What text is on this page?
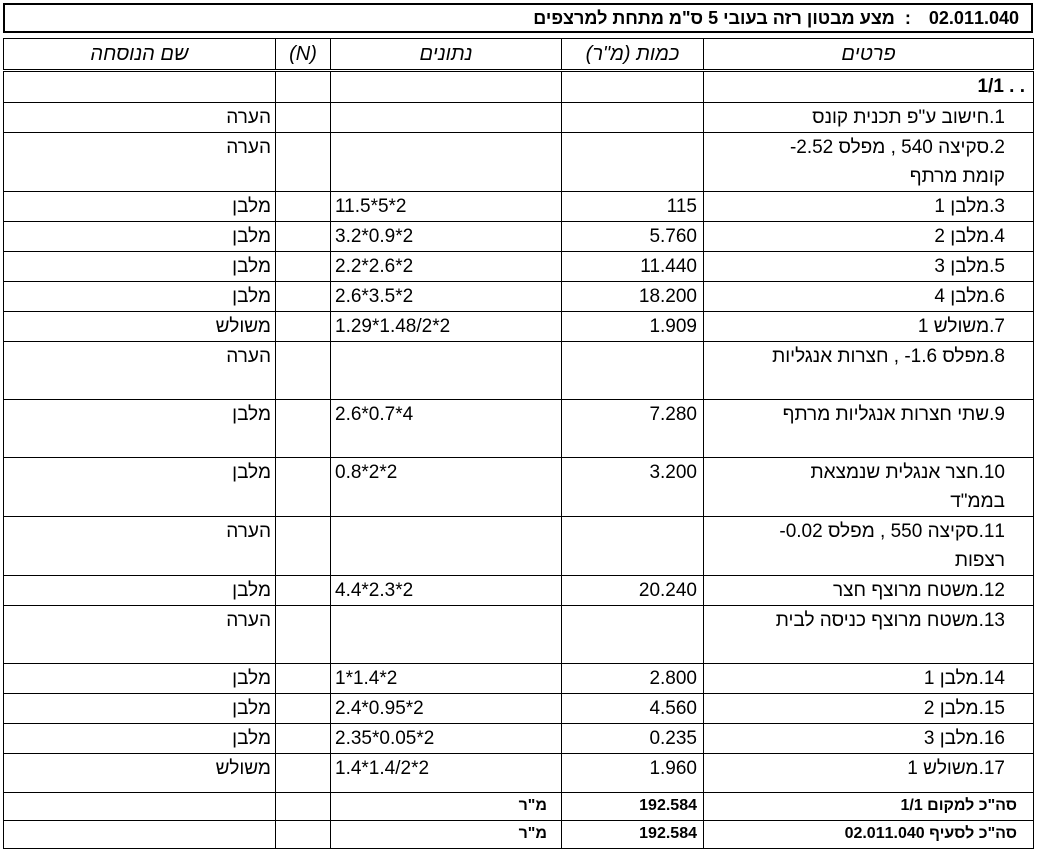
02.011.040:  מצע מבטון רזה בעובי 5 ס"מ מתחת למרצפים
שם הנוסחה	(N)	נתונים	כמות (מ"ר)	פרטים
				1/1 . .
הערה				1.חישוב ע"פ תכנית קונס

הערה				2.סקיצה 540 , מפלס 2.52-
קומת מרתף

מלבן		11.5*5*2	115	3.מלבן 1

מלבן		3.2*0.9*2	5.760	4.מלבן 2

מלבן		2.2*2.6*2	11.440	5.מלבן 3

מלבן		2.6*3.5*2	18.200	6.מלבן 4

משולש		1.29*1.48/2*2	1.909	7.משולש 1

הערה				8.מפלס 1.6- , חצרות אנגליות

מלבן		2.6*0.7*4	7.280	9.שתי חצרות אנגליות מרתף

מלבן		0.8*2*2	3.200	10.חצר אנגלית שנמצאת
בממ"ד

הערה				11.סקיצה 550 , מפלס 0.02-
רצפות

מלבן		4.4*2.3*2	20.240	12.משטח מרוצף חצר

הערה				13.משטח מרוצף כניסה לבית

מלבן		1*1.4*2	2.800	14.מלבן 1

מלבן		2.4*0.95*2	4.560	15.מלבן 2

מלבן		2.35*0.05*2	0.235	16.מלבן 3

משולש		1.4*1.4/2*2	1.960	17.משולש 1

		מ"ר	192.584	סה"כ למקום 1/1
		מ"ר	192.584	סה"כ לסעיף 02.011.040
